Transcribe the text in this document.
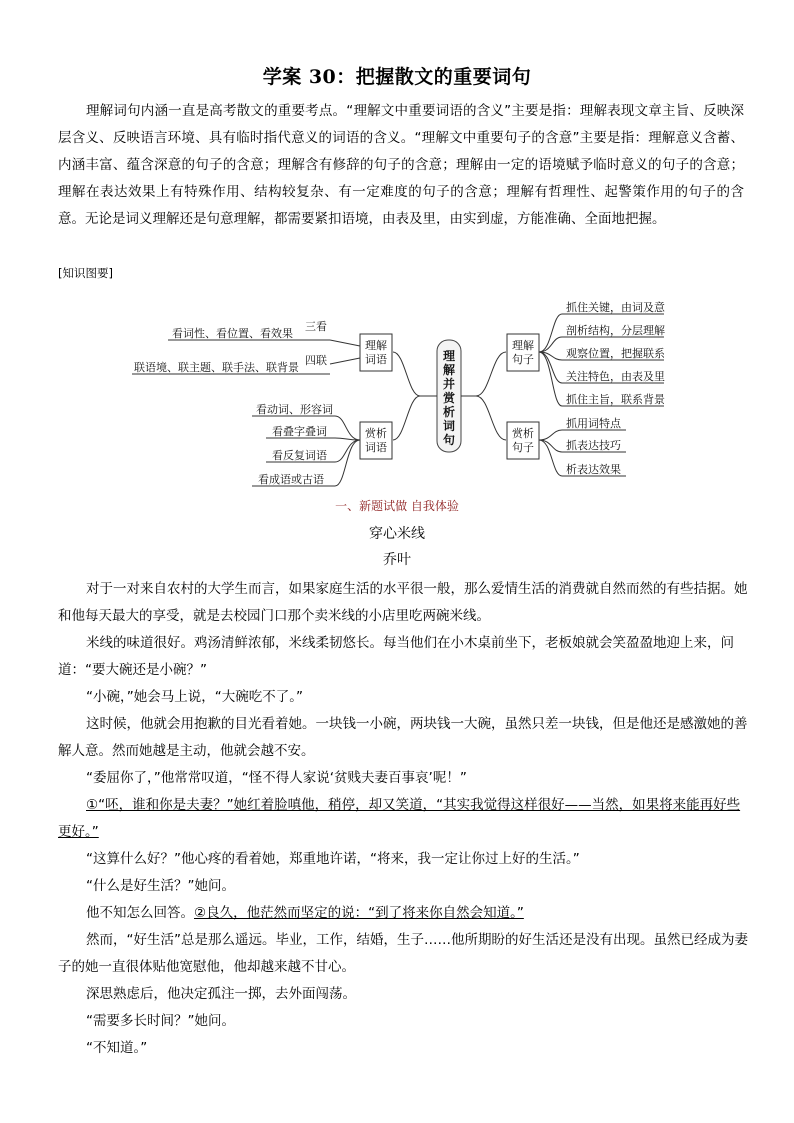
学案 30：把握散文的重要词句

理解词句内涵一直是高考散文的重要考点。“理解文中重要词语的含义”主要是指：理解表现文章主旨、反映深层含义、反映语言环境、具有临时指代意义的词语的含义。“理解文中重要句子的含意”主要是指：理解意义含蓄、内涵丰富、蕴含深意的句子的含意；理解含有修辞的句子的含意；理解由一定的语境赋予临时意义的句子的含意；理解在表达效果上有特殊作用、结构较复杂、有一定难度的句子的含意；理解有哲理性、起警策作用的句子的含意。无论是词义理解还是句意理解，都需要紧扣语境，由表及里，由实到虚，方能准确、全面地把握。

[知识图要]
理
解
并
赏
析
词
句
理解
词语
赏析
词语
理解
句子
赏析
句子
三看
四联
看词性、看位置、看效果
联语境、联主题、联手法、联背景
看动词、形容词
看叠字叠词
看反复词语
看成语或古语
抓住关键，由词及意
剖析结构，分层理解
观察位置，把握联系
关注特色，由表及里
抓住主旨，联系背景
抓用词特点
抓表达技巧
析表达效果
一、新题试做 自我体验
穿心米线
乔叶

对于一对来自农村的大学生而言，如果家庭生活的水平很一般，那么爱情生活的消费就自然而然的有些拮据。她和他每天最大的享受，就是去校园门口那个卖米线的小店里吃两碗米线。

米线的味道很好。鸡汤清鲜浓郁，米线柔韧悠长。每当他们在小木桌前坐下，老板娘就会笑盈盈地迎上来，问道：“要大碗还是小碗？”

“小碗，”她会马上说，“大碗吃不了。”

这时候，他就会用抱歉的目光看着她。一块钱一小碗，两块钱一大碗，虽然只差一块钱，但是他还是感激她的善解人意。然而她越是主动，他就会越不安。

“委屈你了，”他常常叹道，“怪不得人家说‘贫贱夫妻百事哀’呢！”

①“呸，谁和你是夫妻？”她红着脸嗔他，稍停，却又笑道，“其实我觉得这样很好——当然，如果将来能再好些更好。”

“这算什么好？”他心疼的看着她，郑重地许诺，“将来，我一定让你过上好的生活。”

“什么是好生活？”她问。

他不知怎么回答。②良久，他茫然而坚定的说：“到了将来你自然会知道。”

然而，“好生活”总是那么遥远。毕业，工作，结婚，生子……他所期盼的好生活还是没有出现。虽然已经成为妻子的她一直很体贴他宽慰他，他却越来越不甘心。

深思熟虑后，他决定孤注一掷，去外面闯荡。

“需要多长时间？”她问。

“不知道。”
